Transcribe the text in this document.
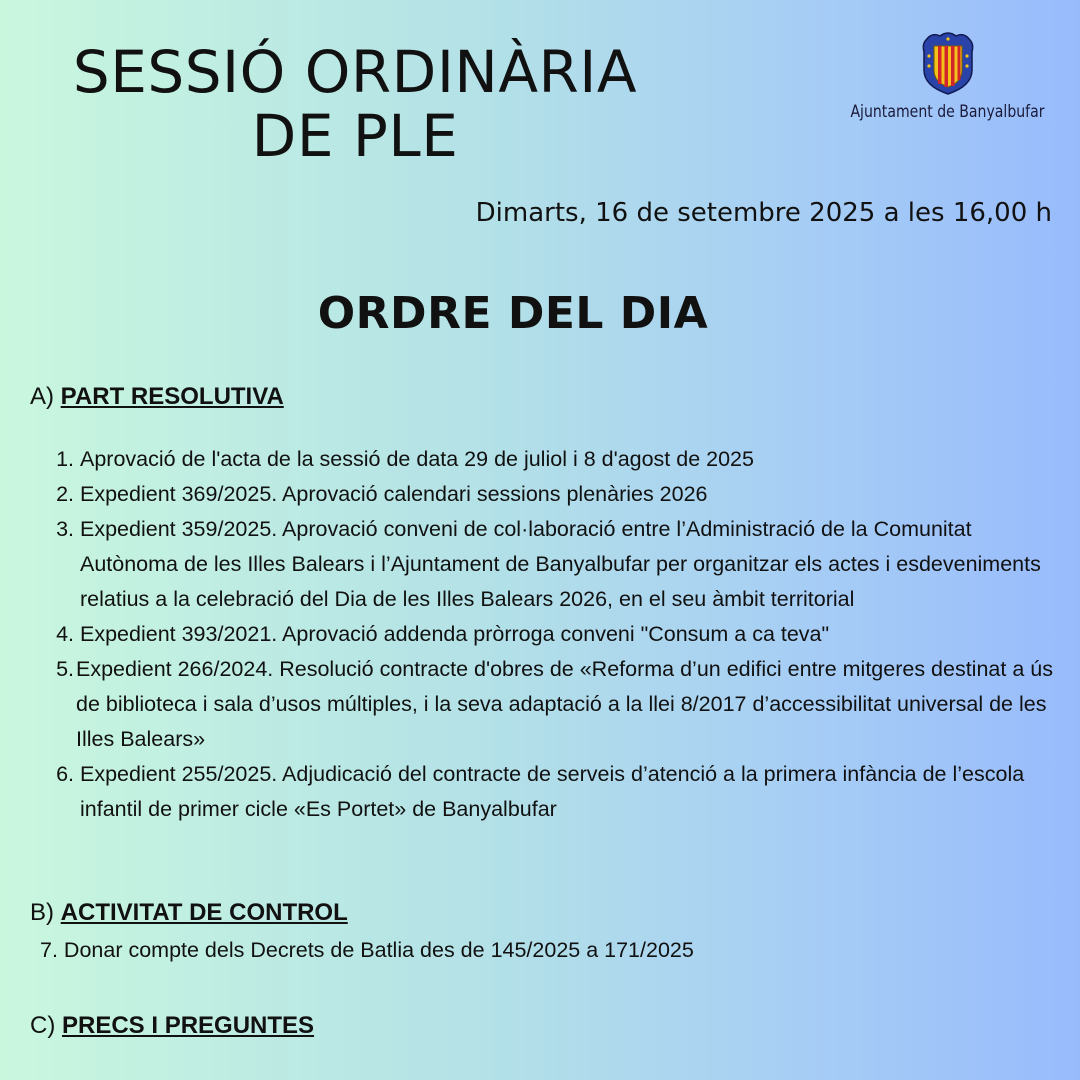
SESSIÓ ORDINÀRIA
DE PLE	Ajuntament de Banyalbufar
Dimarts, 16 de setembre 2025 a les 16,00 h
ORDRE DEL DIA
A) PART RESOLUTIVA
1. Aprovació de l'acta de la sessió de data 29 de juliol i 8 d'agost de 2025
2. Expedient 369/2025. Aprovació calendari sessions plenàries 2026
3. Expedient 359/2025. Aprovació conveni de col·laboració entre l’Administració de la Comunitat Autònoma de les Illes Balears i l’Ajuntament de Banyalbufar per organitzar els actes i esdeveniments relatius a la celebració del Dia de les Illes Balears 2026, en el seu àmbit territorial
4. Expedient 393/2021. Aprovació addenda pròrroga conveni "Consum a ca teva"
5. Expedient 266/2024. Resolució contracte d'obres de «Reforma d’un edifici entre mitgeres destinat a ús de biblioteca i sala d’usos múltiples, i la seva adaptació a la llei 8/2017 d’accessibilitat universal de les Illes Balears»
6. Expedient 255/2025. Adjudicació del contracte de serveis d’atenció a la primera infància de l’escola infantil de primer cicle «Es Portet» de Banyalbufar
B) ACTIVITAT DE CONTROL
7. Donar compte dels Decrets de Batlia des de 145/2025 a 171/2025
C) PRECS I PREGUNTES
